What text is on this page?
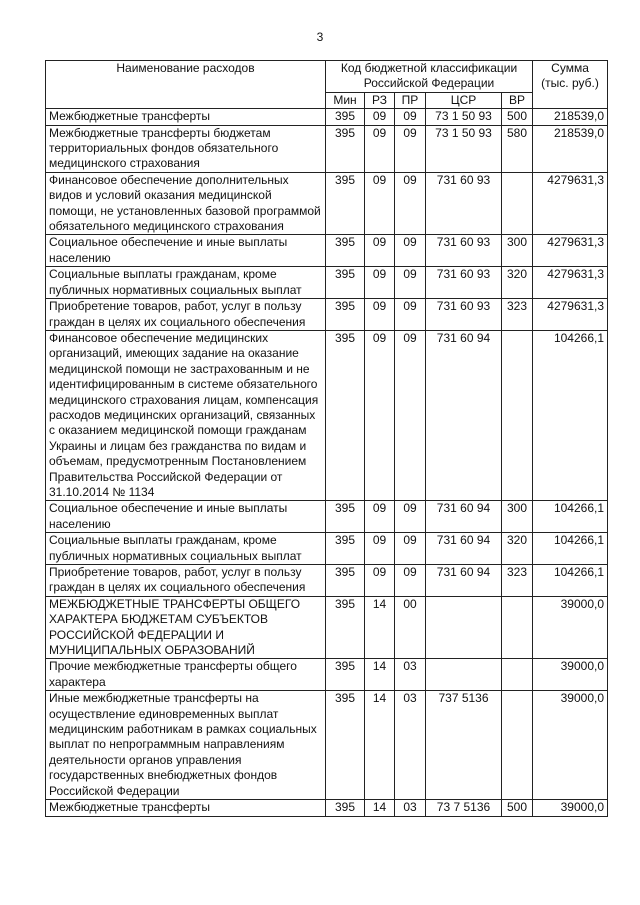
3
Наименование расходов	Код бюджетной классификации Российской Федерации					Сумма (тыс. руб.)
	Мин	РЗ	ПР	ЦСР	ВР	
Межбюджетные трансферты	395	09	09	73 1 50 93	500	218539,0
Межбюджетные трансферты бюджетам территориальных фондов обязательного медицинского страхования	395	09	09	73 1 50 93	580	218539,0
Финансовое обеспечение дополнительных видов и условий оказания медицинской помощи, не установленных базовой программой обязательного медицинского страхования	395	09	09	731 60 93		4279631,3
Социальное обеспечение и иные выплаты населению	395	09	09	731 60 93	300	4279631,3
Социальные выплаты гражданам, кроме публичных нормативных социальных выплат	395	09	09	731 60 93	320	4279631,3
Приобретение товаров, работ, услуг в пользу граждан в целях их социального обеспечения	395	09	09	731 60 93	323	4279631,3
Финансовое обеспечение медицинских организаций, имеющих задание на оказание медицинской помощи не застрахованным и не идентифицированным в системе обязательного медицинского страхования лицам, компенсация расходов медицинских организаций, связанных с оказанием медицинской помощи гражданам Украины и лицам без гражданства по видам и объемам, предусмотренным Постановлением Правительства Российской Федерации от 31.10.2014 № 1134	395	09	09	731 60 94		104266,1
Социальное обеспечение и иные выплаты населению	395	09	09	731 60 94	300	104266,1
Социальные выплаты гражданам, кроме публичных нормативных социальных выплат	395	09	09	731 60 94	320	104266,1
Приобретение товаров, работ, услуг в пользу граждан в целях их социального обеспечения	395	09	09	731 60 94	323	104266,1
МЕЖБЮДЖЕТНЫЕ ТРАНСФЕРТЫ ОБЩЕГО ХАРАКТЕРА БЮДЖЕТАМ СУБЪЕКТОВ РОССИЙСКОЙ ФЕДЕРАЦИИ И МУНИЦИПАЛЬНЫХ ОБРАЗОВАНИЙ	395	14	00			39000,0
Прочие межбюджетные трансферты общего характера	395	14	03			39000,0
Иные межбюджетные трансферты на осуществление единовременных выплат медицинским работникам в рамках социальных выплат по непрограммным направлениям деятельности органов управления государственных внебюджетных фондов Российской Федерации	395	14	03	737 5136		39000,0
Межбюджетные трансферты	395	14	03	73 7 5136	500	39000,0
